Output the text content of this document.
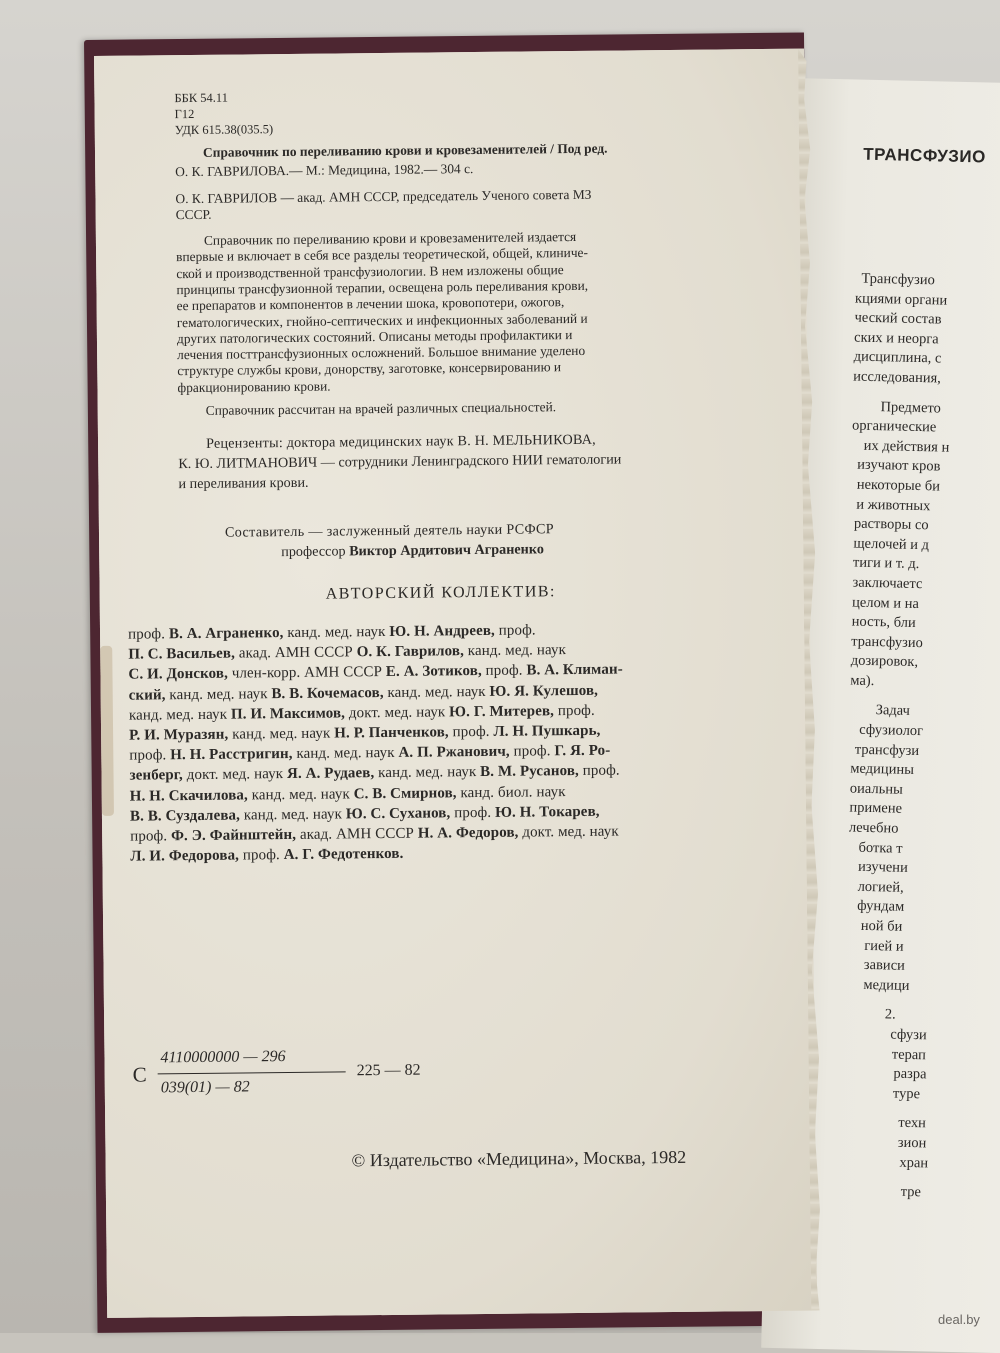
ТРАНСФУЗИО
Трансфузио
кциями органи
ческий состав
ских и неорга
дисциплина, с
исследования,
Предмето
органические
их действия н
изучают кров
некоторые би
и животных
растворы со
щелочей и д
тиги и т. д.
заключаетс
целом и на
ность, бли
трансфузио
дозировок,
ма).
Задач
сфузиолог
трансфузи
медицины
оиальны
примене
лечебно
ботка т
изучени
логией,
фундам
ной би
гией и
зависи
медици
2.
сфузи
терап
разра
туре
техн
зион
хран
тре
ББК 54.11
Г12
УДК 615.38(035.5)
Справочник по переливанию крови и кровезаменителей / Под ред.
О. К. ГАВРИЛОВА.— М.: Медицина, 1982.— 304 с.
О. К. ГАВРИЛОВ — акад. АМН СССР, председатель Ученого совета МЗ
СССР.
Справочник по переливанию крови и кровезаменителей издается
впервые и включает в себя все разделы теоретической, общей, клиниче-
ской и производственной трансфузиологии. В нем изложены общие
принципы трансфузионной терапии, освещена роль переливания крови,
ее препаратов и компонентов в лечении шока, кровопотери, ожогов,
гематологических, гнойно-септических и инфекционных заболеваний и
других патологических состояний. Описаны методы профилактики и
лечения посттрансфузионных осложнений. Большое внимание уделено
структуре службы крови, донорству, заготовке, консервированию и
фракционированию крови.
Справочник рассчитан на врачей различных специальностей.
Рецензенты: доктора медицинских наук В. Н. МЕЛЬНИКОВА,
К. Ю. ЛИТМАНОВИЧ — сотрудники Ленинградского НИИ гематологии
и переливания крови.
Составитель — заслуженный деятель науки РСФСР
профессор Виктор Ардитович Аграненко
АВТОРСКИЙ КОЛЛЕКТИВ:
проф. В. А. Аграненко, канд. мед. наук Ю. Н. Андреев, проф.
П. С. Васильев, акад. АМН СССР О. К. Гаврилов, канд. мед. наук
С. И. Донсков, член-корр. АМН СССР Е. А. Зотиков, проф. В. А. Климан-
ский, канд. мед. наук В. В. Кочемасов, канд. мед. наук Ю. Я. Кулешов,
канд. мед. наук П. И. Максимов, докт. мед. наук Ю. Г. Митерев, проф.
Р. И. Муразян, канд. мед. наук Н. Р. Панченков, проф. Л. Н. Пушкарь,
проф. Н. Н. Расстригин, канд. мед. наук А. П. Ржанович, проф. Г. Я. Ро-
зенберг, докт. мед. наук Я. А. Рудаев, канд. мед. наук В. М. Русанов, проф.
Н. Н. Скачилова, канд. мед. наук С. В. Смирнов, канд. биол. наук
В. В. Суздалева, канд. мед. наук Ю. С. Суханов, проф. Ю. Н. Токарев,
проф. Ф. Э. Файнштейн, акад. АМН СССР Н. А. Федоров, докт. мед. наук
Л. И. Федорова, проф. А. Г. Федотенков.
С
4110000000 — 296
039(01) — 82
225 — 82
© Издательство «Медицина», Москва, 1982
deal.by
